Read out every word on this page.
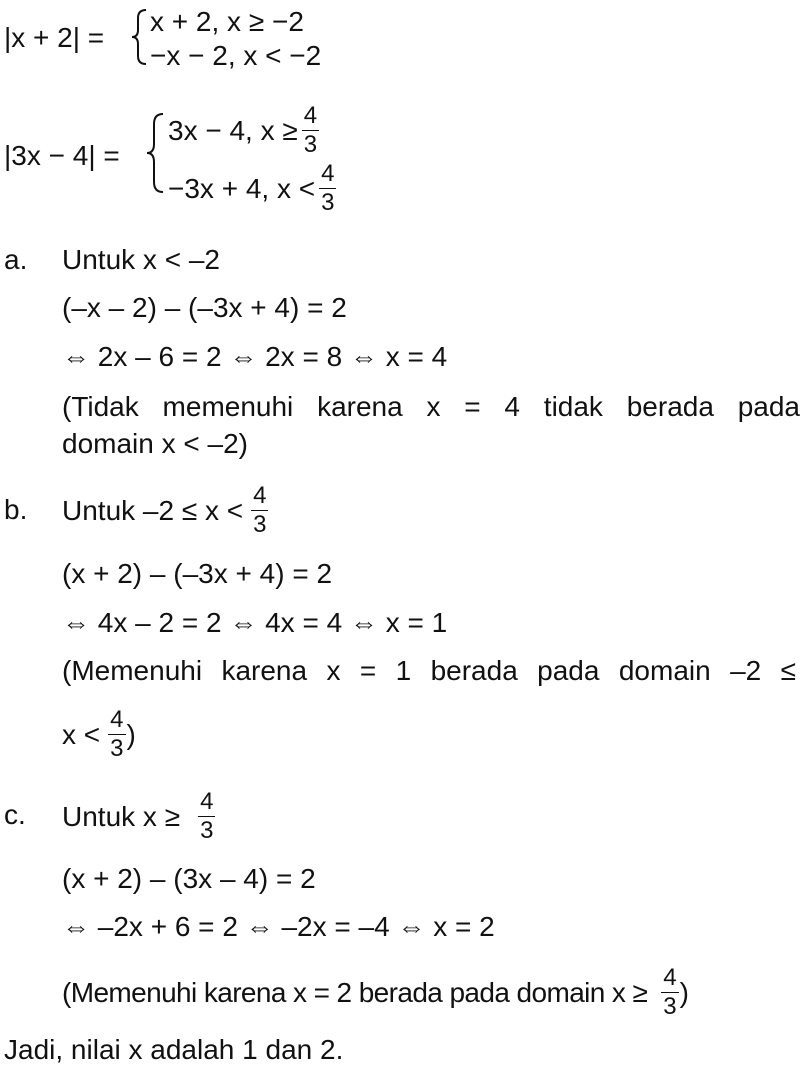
|x + 2| =
x + 2, x ≥ −2
−x − 2, x < −2
|3x − 4| =
3x − 4, $x \ge \frac{4}{3}$
−3x + 4, $x < \frac{4}{3}$
a. Untuk x < –2
(–x – 2) – (–3x + 4) = 2
⇔ 2x – 6 = 2 ⇔ 2x = 8 ⇔ x = 4
(Tidak memenuhi karena x = 4 tidak berada pada
domain x < –2)
b. Untuk $-2 \le x < \frac{4}{3}$
(x + 2) – (–3x + 4) = 2
⇔ 4x – 2 = 2 ⇔ 4x = 4 ⇔ x = 1
(Memenuhi karena x = 1 berada pada domain –2 ≤
$x < \frac{4}{3}$ )
c. Untuk $x \ge \frac{4}{3}$
(x + 2) – (3x – 4) = 2
⇔ –2x + 6 = 2 ⇔ –2x = –4 ⇔ x = 2
(Memenuhi karena x = 2 berada pada domain $x \ge \frac{4}{3}$ )
Jadi, nilai x adalah 1 dan 2.
